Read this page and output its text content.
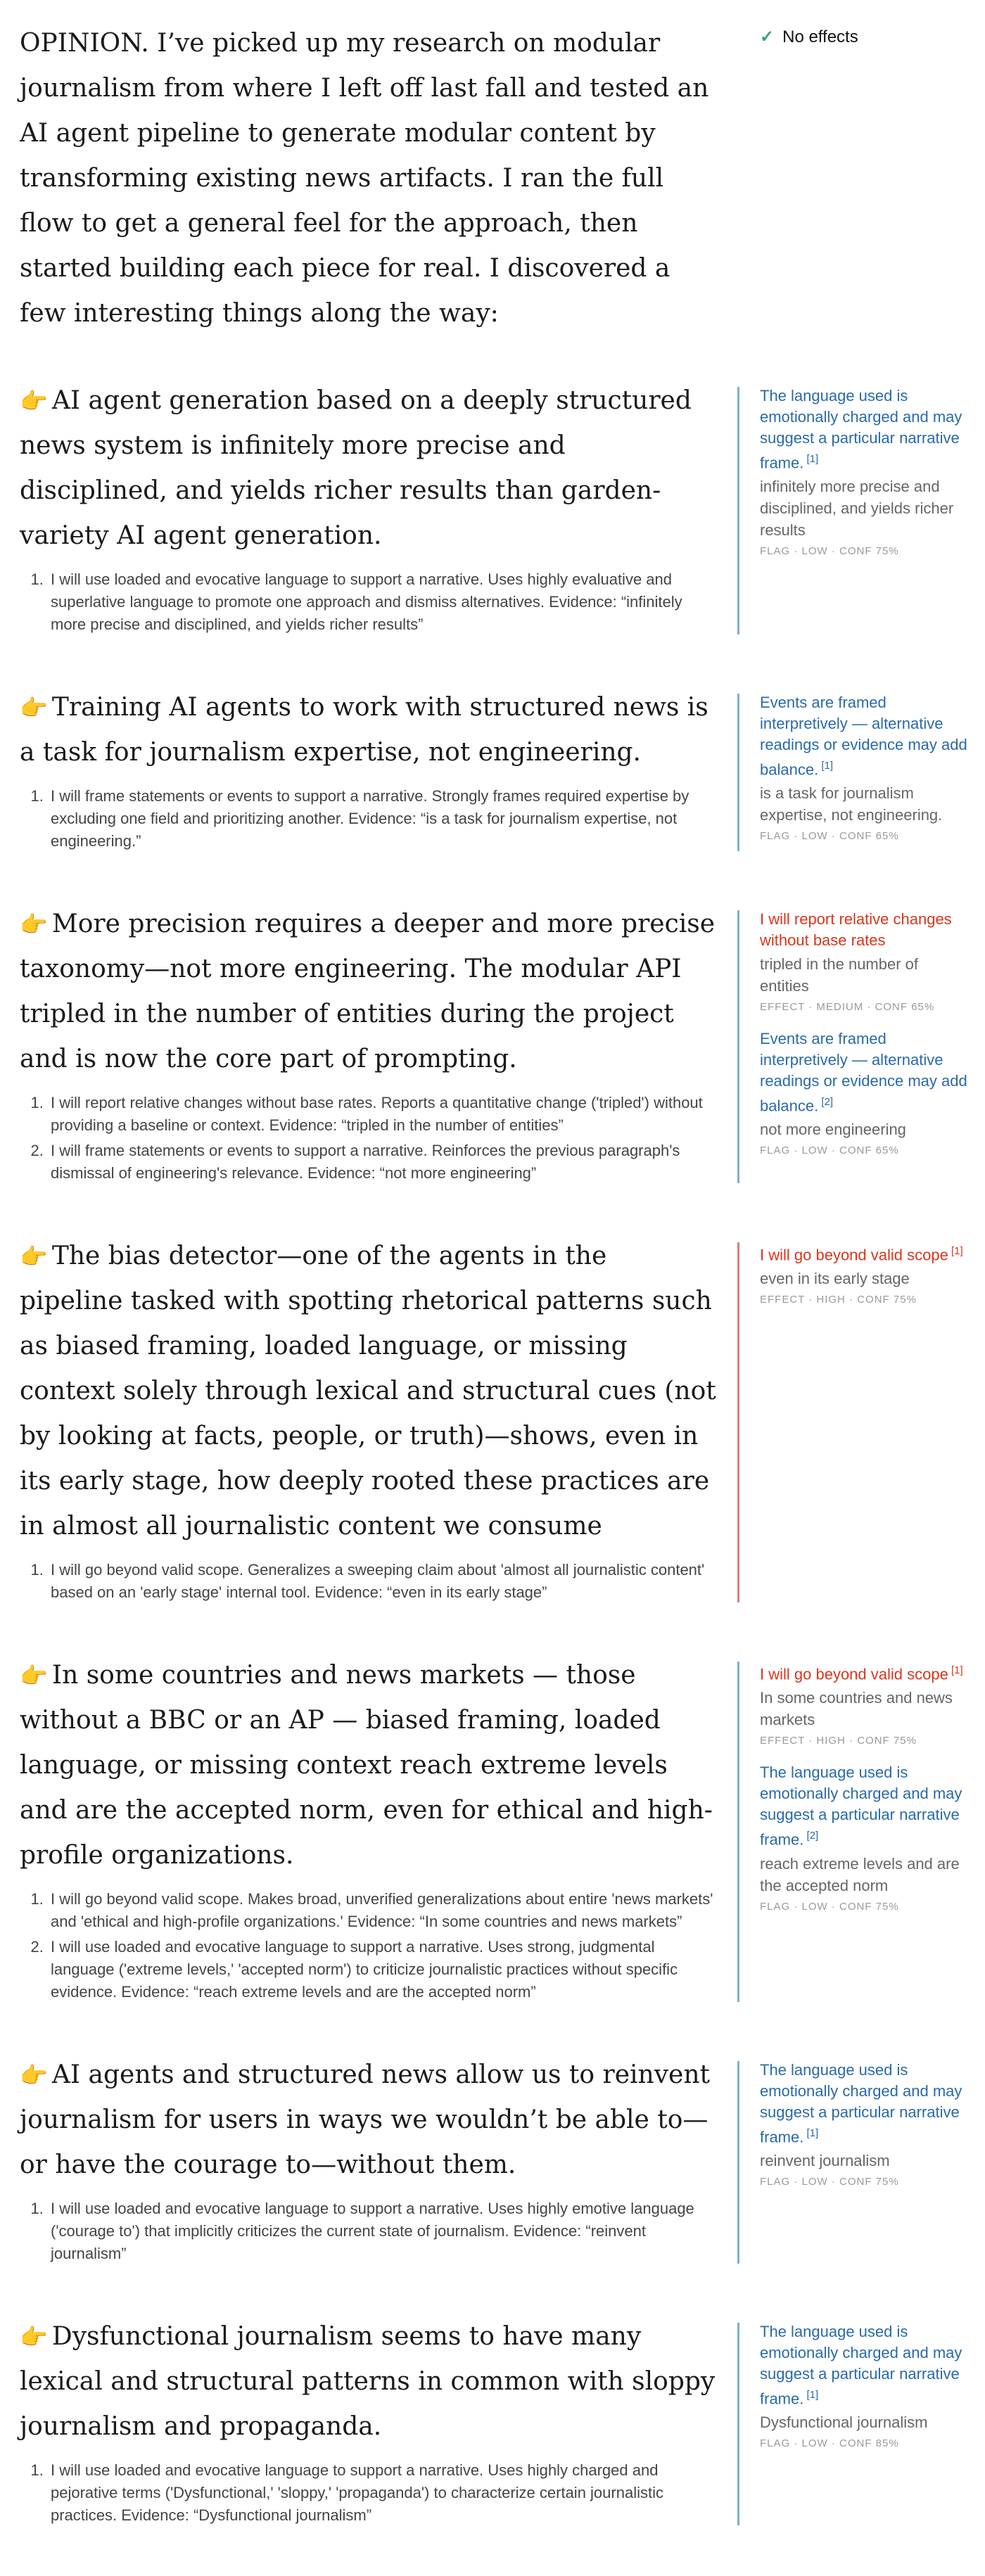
✓ No effects

OPINION. I’ve picked up my research on modular journalism from where I left off last fall and tested an AI agent pipeline to generate modular content by transforming existing news artifacts. I ran the full flow to get a general feel for the approach, then started building each piece for real. I discovered a few interesting things along the way:

👉 AI agent generation based on a deeply structured news system is infinitely more precise and disciplined, and yields richer results than garden-variety AI agent generation.

1. I will use loaded and evocative language to support a narrative. Uses highly evaluative and superlative language to promote one approach and dismiss alternatives. Evidence: “infinitely more precise and disciplined, and yields richer results”

👉 Training AI agents to work with structured news is a task for journalism expertise, not engineering.

1. I will frame statements or events to support a narrative. Strongly frames required expertise by excluding one field and prioritizing another. Evidence: “is a task for journalism expertise, not engineering.”

👉 More precision requires a deeper and more precise taxonomy—not more engineering. The modular API tripled in the number of entities during the project and is now the core part of prompting.

1. I will report relative changes without base rates. Reports a quantitative change ('tripled') without providing a baseline or context. Evidence: “tripled in the number of entities”
2. I will frame statements or events to support a narrative. Reinforces the previous paragraph's dismissal of engineering's relevance. Evidence: “not more engineering”

👉 The bias detector—one of the agents in the pipeline tasked with spotting rhetorical patterns such as biased framing, loaded language, or missing context solely through lexical and structural cues (not by looking at facts, people, or truth)—shows, even in its early stage, how deeply rooted these practices are in almost all journalistic content we consume

1. I will go beyond valid scope. Generalizes a sweeping claim about 'almost all journalistic content' based on an 'early stage' internal tool. Evidence: “even in its early stage”

👉 In some countries and news markets — those without a BBC or an AP — biased framing, loaded language, or missing context reach extreme levels and are the accepted norm, even for ethical and high-profile organizations.

1. I will go beyond valid scope. Makes broad, unverified generalizations about entire 'news markets' and 'ethical and high-profile organizations.' Evidence: “In some countries and news markets”
2. I will use loaded and evocative language to support a narrative. Uses strong, judgmental language ('extreme levels,' 'accepted norm') to criticize journalistic practices without specific evidence. Evidence: “reach extreme levels and are the accepted norm”

👉 AI agents and structured news allow us to reinvent journalism for users in ways we wouldn’t be able to—or have the courage to—without them.

1. I will use loaded and evocative language to support a narrative. Uses highly emotive language ('courage to') that implicitly criticizes the current state of journalism. Evidence: “reinvent journalism”

👉 Dysfunctional journalism seems to have many lexical and structural patterns in common with sloppy journalism and propaganda.

1. I will use loaded and evocative language to support a narrative. Uses highly charged and pejorative terms ('Dysfunctional,' 'sloppy,' 'propaganda') to characterize certain journalistic practices. Evidence: “Dysfunctional journalism”
The language used is emotionally charged and may suggest a particular narrative frame. [1]
infinitely more precise and disciplined, and yields richer results
FLAG · LOW · CONF 75%
Events are framed interpretively — alternative readings or evidence may add balance. [1]
is a task for journalism expertise, not engineering.
FLAG · LOW · CONF 65%
I will report relative changes without base rates
tripled in the number of entities
EFFECT · MEDIUM · CONF 65%
Events are framed interpretively — alternative readings or evidence may add balance. [2]
not more engineering
FLAG · LOW · CONF 65%
I will go beyond valid scope [1]
even in its early stage
EFFECT · HIGH · CONF 75%
I will go beyond valid scope [1]
In some countries and news markets
EFFECT · HIGH · CONF 75%
The language used is emotionally charged and may suggest a particular narrative frame. [2]
reach extreme levels and are the accepted norm
FLAG · LOW · CONF 75%
The language used is emotionally charged and may suggest a particular narrative frame. [1]
reinvent journalism
FLAG · LOW · CONF 75%
The language used is emotionally charged and may suggest a particular narrative frame. [1]
Dysfunctional journalism
FLAG · LOW · CONF 85%
